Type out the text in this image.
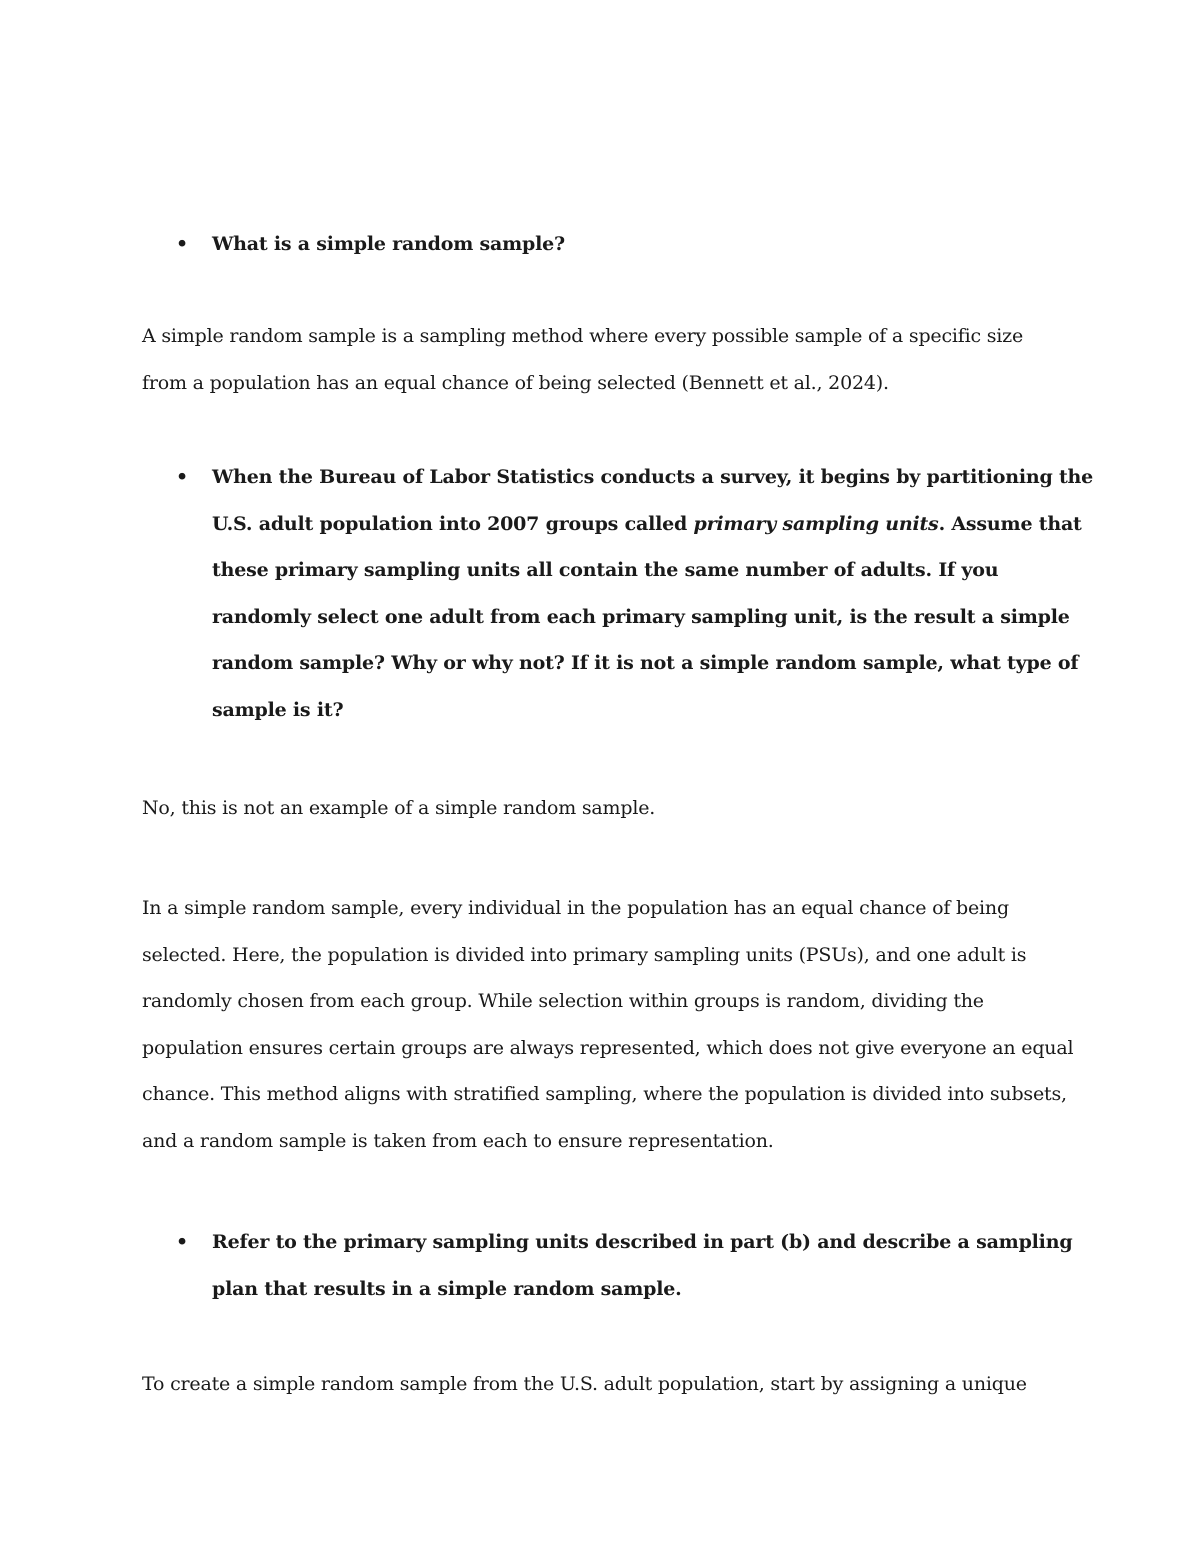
• What is a simple random sample?
A simple random sample is a sampling method where every possible sample of a specific size
from a population has an equal chance of being selected (Bennett et al., 2024).
• When the Bureau of Labor Statistics conducts a survey, it begins by partitioning the
U.S. adult population into 2007 groups called primary sampling units. Assume that
these primary sampling units all contain the same number of adults. If you
randomly select one adult from each primary sampling unit, is the result a simple
random sample? Why or why not? If it is not a simple random sample, what type of
sample is it?
No, this is not an example of a simple random sample.
In a simple random sample, every individual in the population has an equal chance of being
selected. Here, the population is divided into primary sampling units (PSUs), and one adult is
randomly chosen from each group. While selection within groups is random, dividing the
population ensures certain groups are always represented, which does not give everyone an equal
chance. This method aligns with stratified sampling, where the population is divided into subsets,
and a random sample is taken from each to ensure representation.
• Refer to the primary sampling units described in part (b) and describe a sampling
plan that results in a simple random sample.
To create a simple random sample from the U.S. adult population, start by assigning a unique
